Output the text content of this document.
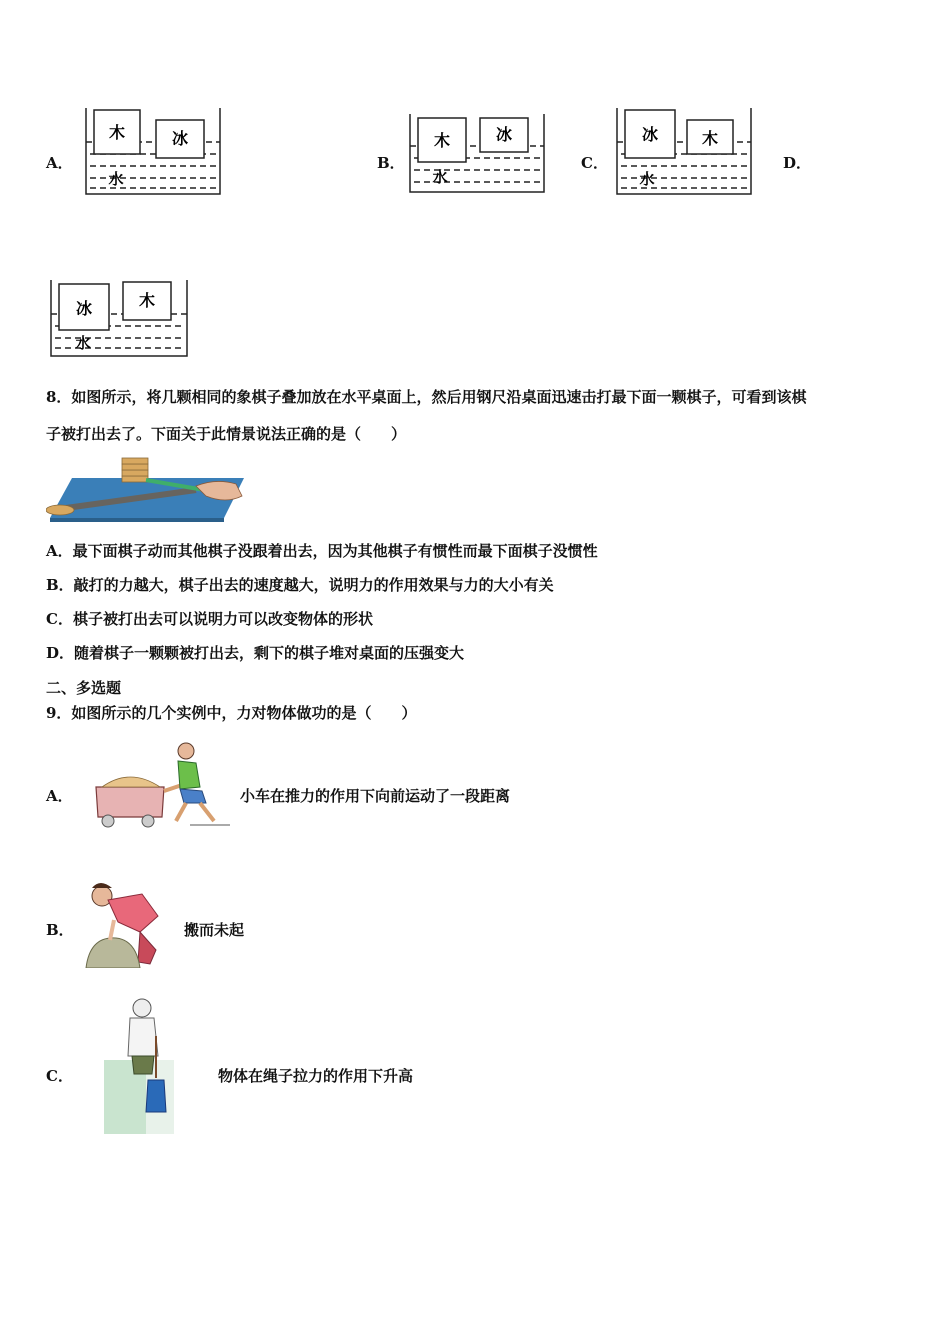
A．
木	冰
水
B．
木	冰
水
C．
冰	木
水
D．
冰	木
水
8．如图所示，将几颗相同的象棋子叠加放在水平桌面上，然后用钢尺沿桌面迅速击打最下面一颗棋子，可看到该棋
子被打出去了。下面关于此情景说法正确的是（　　）
A．最下面棋子动而其他棋子没跟着出去，因为其他棋子有惯性而最下面棋子没惯性
B．敲打的力越大，棋子出去的速度越大，说明力的作用效果与力的大小有关
C．棋子被打出去可以说明力可以改变物体的形状
D．随着棋子一颗颗被打出去，剩下的棋子堆对桌面的压强变大
二、多选题
9．如图所示的几个实例中，力对物体做功的是（　　）
A．	小车在推力的作用下向前运动了一段距离
B．	搬而未起
C．	物体在绳子拉力的作用下升高
